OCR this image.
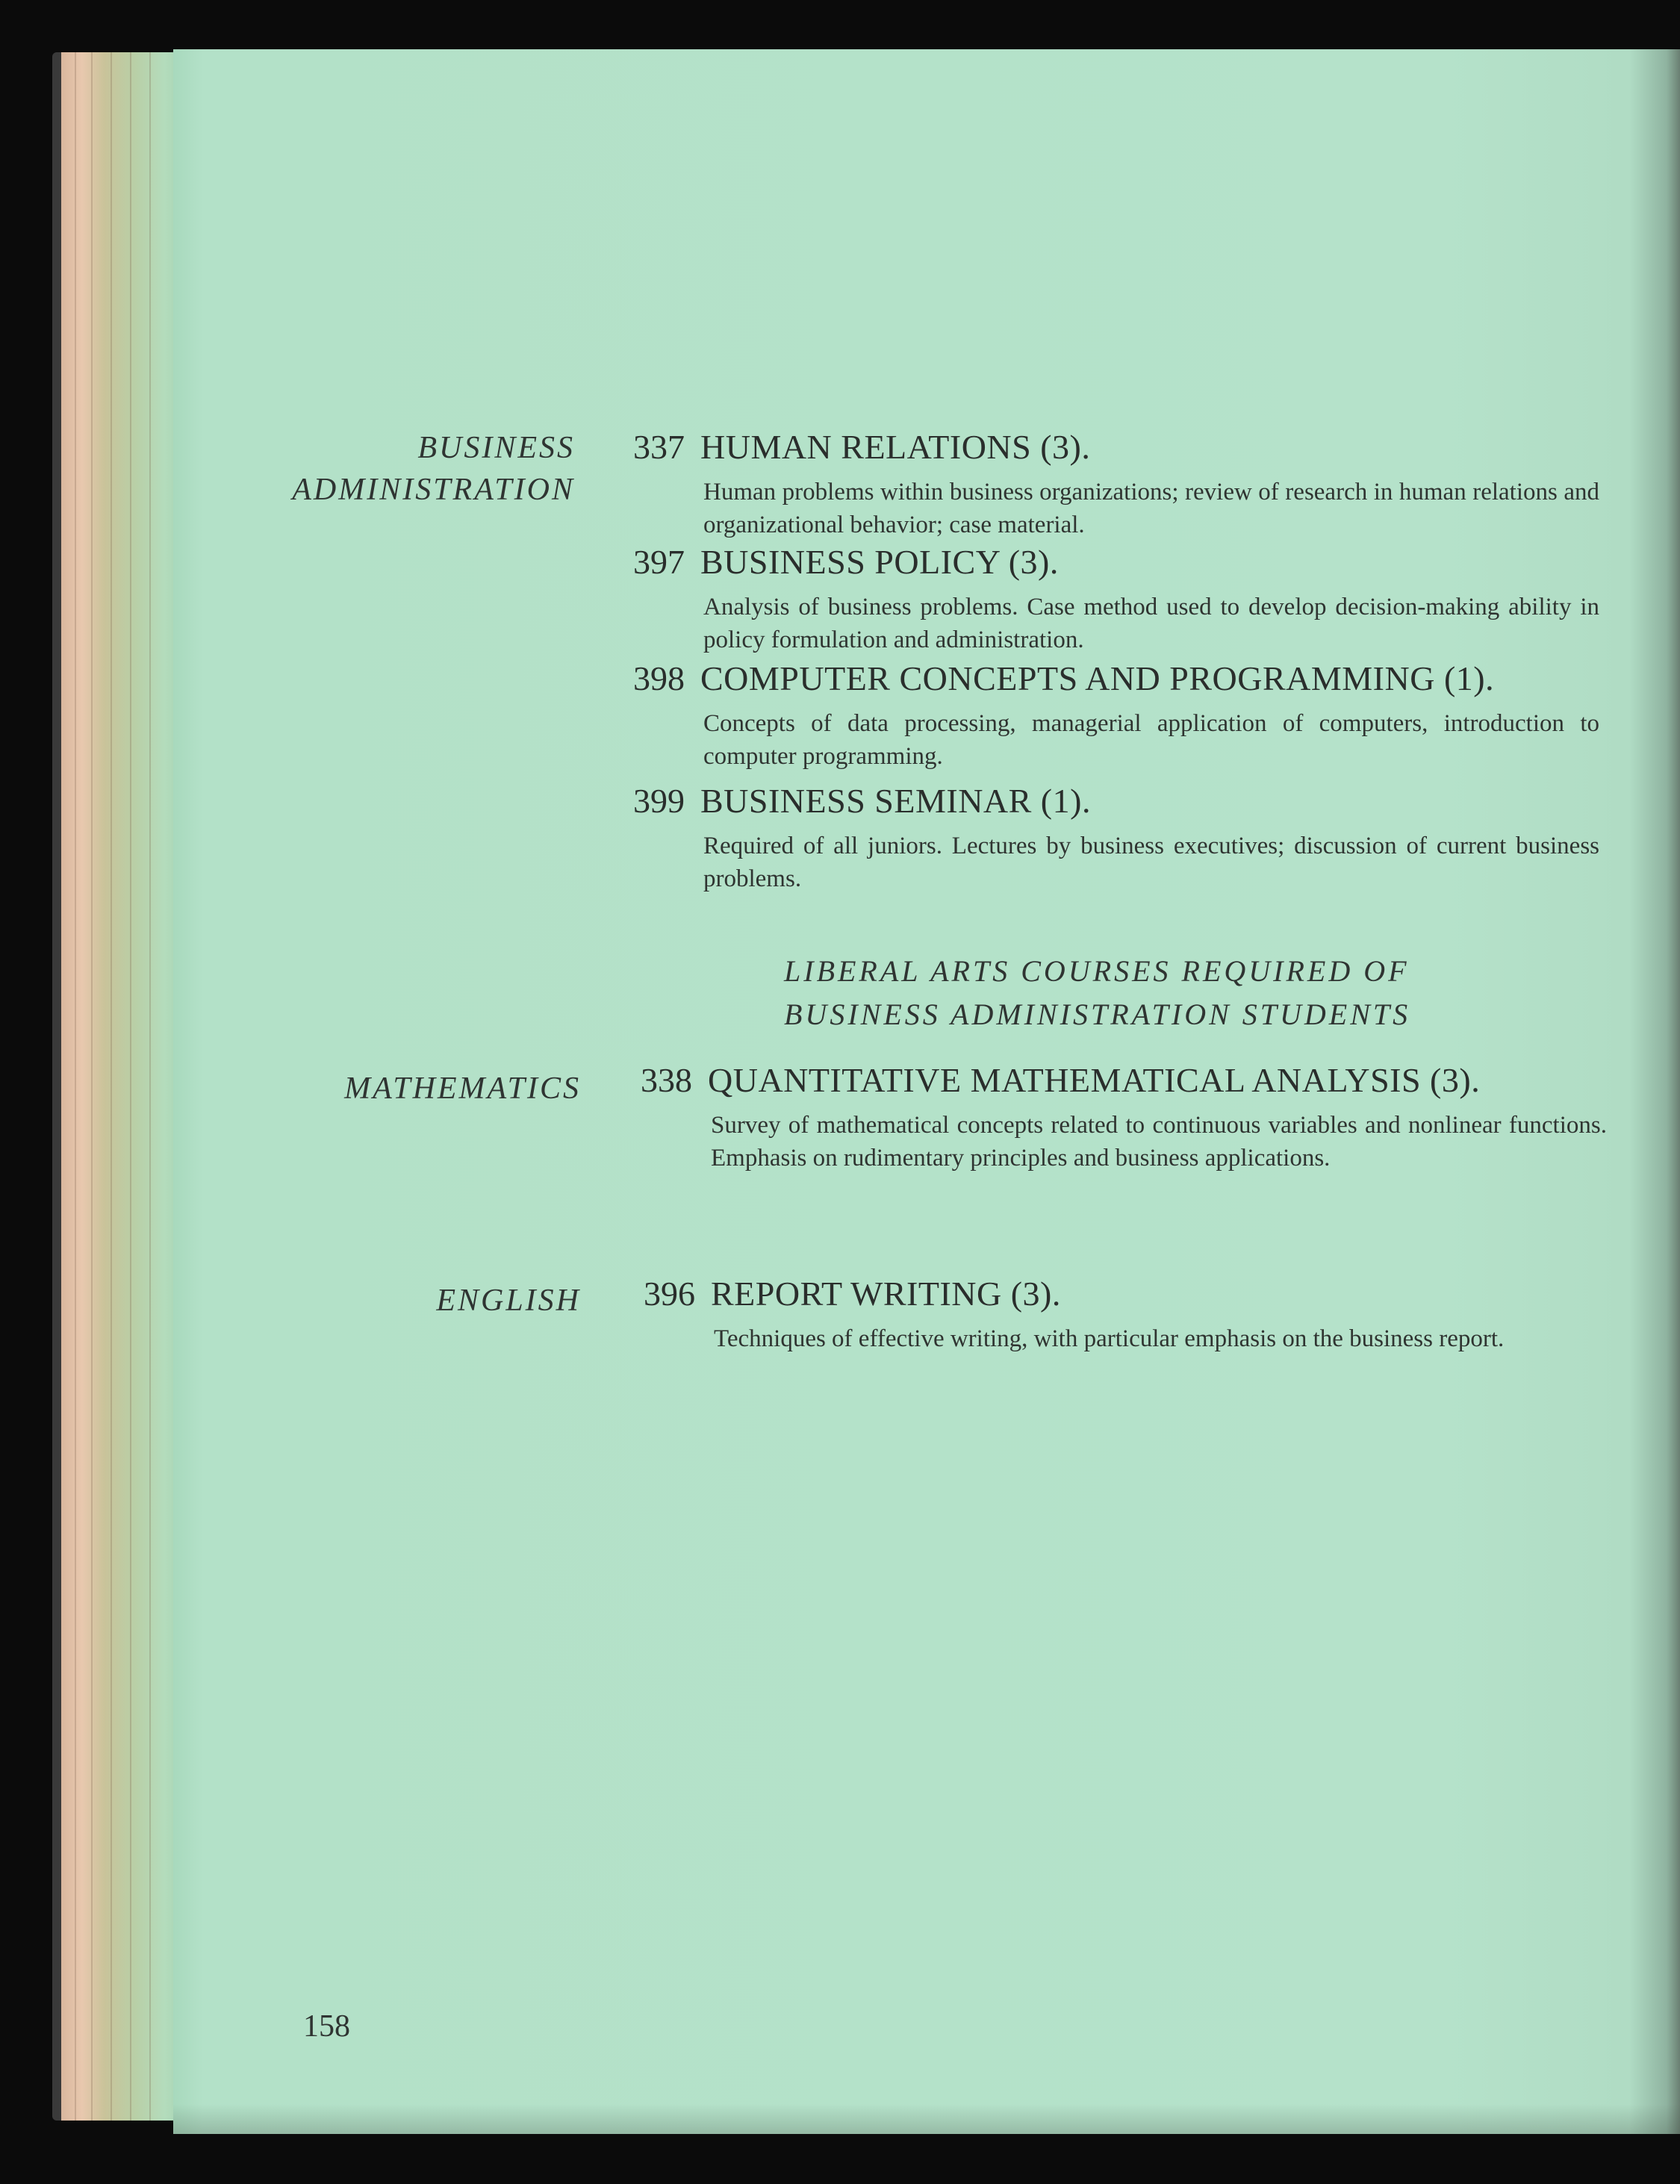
BUSINESS
ADMINISTRATION
337 HUMAN RELATIONS (3).
Human problems within business organizations; review of research in human relations and organizational behavior; case material.
397 BUSINESS POLICY (3).
Analysis of business problems. Case method used to develop decision-making ability in policy formulation and administration.
398 COMPUTER CONCEPTS AND PROGRAMMING (1).
Concepts of data processing, managerial application of computers, introduction to computer programming.
399 BUSINESS SEMINAR (1).
Required of all juniors. Lectures by business executives; discussion of current business problems.
LIBERAL ARTS COURSES REQUIRED OF
BUSINESS ADMINISTRATION STUDENTS
MATHEMATICS 338 QUANTITATIVE MATHEMATICAL ANALYSIS (3).
Survey of mathematical concepts related to continuous variables and nonlinear functions. Emphasis on rudimentary principles and business applications.
ENGLISH 396 REPORT WRITING (3).
Techniques of effective writing, with particular emphasis on the business report.
158
